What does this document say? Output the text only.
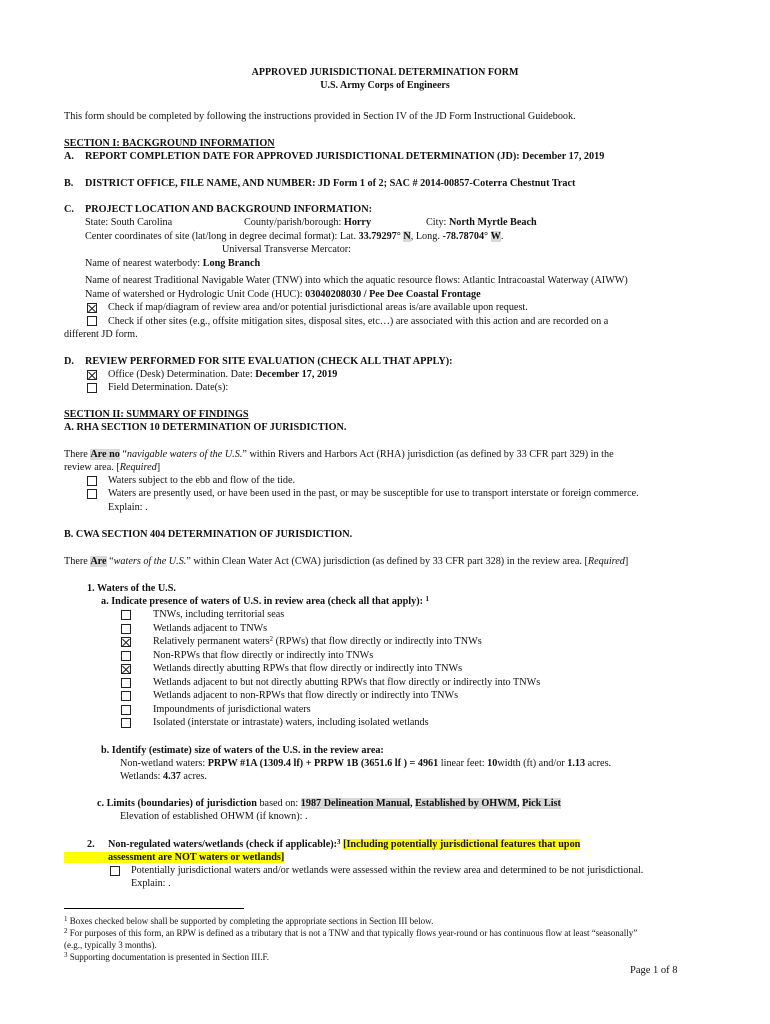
APPROVED JURISDICTIONAL DETERMINATION FORM
U.S. Army Corps of Engineers
This form should be completed by following the instructions provided in Section IV of the JD Form Instructional Guidebook.
SECTION I: BACKGROUND INFORMATION
A. REPORT COMPLETION DATE FOR APPROVED JURISDICTIONAL DETERMINATION (JD): December 17, 2019
B. DISTRICT OFFICE, FILE NAME, AND NUMBER: JD Form 1 of 2; SAC # 2014-00857-Coterra Chestnut Tract
C. PROJECT LOCATION AND BACKGROUND INFORMATION:
State: South Carolina	County/parish/borough: Horry	City: North Myrtle Beach
Center coordinates of site (lat/long in degree decimal format): Lat. 33.79297° N, Long. -78.78704° W.
Universal Transverse Mercator:
Name of nearest waterbody: Long Branch
Name of nearest Traditional Navigable Water (TNW) into which the aquatic resource flows: Atlantic Intracoastal Waterway (AIWW)
Name of watershed or Hydrologic Unit Code (HUC): 03040208030 / Pee Dee Coastal Frontage
Check if map/diagram of review area and/or potential jurisdictional areas is/are available upon request.
Check if other sites (e.g., offsite mitigation sites, disposal sites, etc…) are associated with this action and are recorded on a
different JD form.
D. REVIEW PERFORMED FOR SITE EVALUATION (CHECK ALL THAT APPLY):
Office (Desk) Determination. Date: December 17, 2019
Field Determination. Date(s):
SECTION II: SUMMARY OF FINDINGS
A. RHA SECTION 10 DETERMINATION OF JURISDICTION.
There Are no “navigable waters of the U.S.” within Rivers and Harbors Act (RHA) jurisdiction (as defined by 33 CFR part 329) in the
review area. [Required]
Waters subject to the ebb and flow of the tide.
Waters are presently used, or have been used in the past, or may be susceptible for use to transport interstate or foreign commerce.
Explain: .
B. CWA SECTION 404 DETERMINATION OF JURISDICTION.
There Are “waters of the U.S.” within Clean Water Act (CWA) jurisdiction (as defined by 33 CFR part 328) in the review area. [Required]
1. Waters of the U.S.
a. Indicate presence of waters of U.S. in review area (check all that apply): $^1$
TNWs, including territorial seas
Wetlands adjacent to TNWs
Relatively permanent waters$^2$ (RPWs) that flow directly or indirectly into TNWs
Non-RPWs that flow directly or indirectly into TNWs
Wetlands directly abutting RPWs that flow directly or indirectly into TNWs
Wetlands adjacent to but not directly abutting RPWs that flow directly or indirectly into TNWs
Wetlands adjacent to non-RPWs that flow directly or indirectly into TNWs
Impoundments of jurisdictional waters
Isolated (interstate or intrastate) waters, including isolated wetlands
b. Identify (estimate) size of waters of the U.S. in the review area:
Non-wetland waters: PRPW #1A (1309.4 lf) + PRPW 1B (3651.6 lf ) = 4961 linear feet: 10width (ft) and/or 1.13 acres.
Wetlands: 4.37 acres.
c. Limits (boundaries) of jurisdiction based on: 1987 Delineation Manual, Established by OHWM, Pick List
Elevation of established OHWM (if known): .
2. Non-regulated waters/wetlands (check if applicable):$^3$ [Including potentially jurisdictional features that upon
assessment are NOT waters or wetlands]
Potentially jurisdictional waters and/or wetlands were assessed within the review area and determined to be not jurisdictional.
Explain: .
$^1$ Boxes checked below shall be supported by completing the appropriate sections in Section III below.
$^2$ For purposes of this form, an RPW is defined as a tributary that is not a TNW and that typically flows year-round or has continuous flow at least “seasonally”
(e.g., typically 3 months).
$^3$ Supporting documentation is presented in Section III.F.
Page 1 of 8
